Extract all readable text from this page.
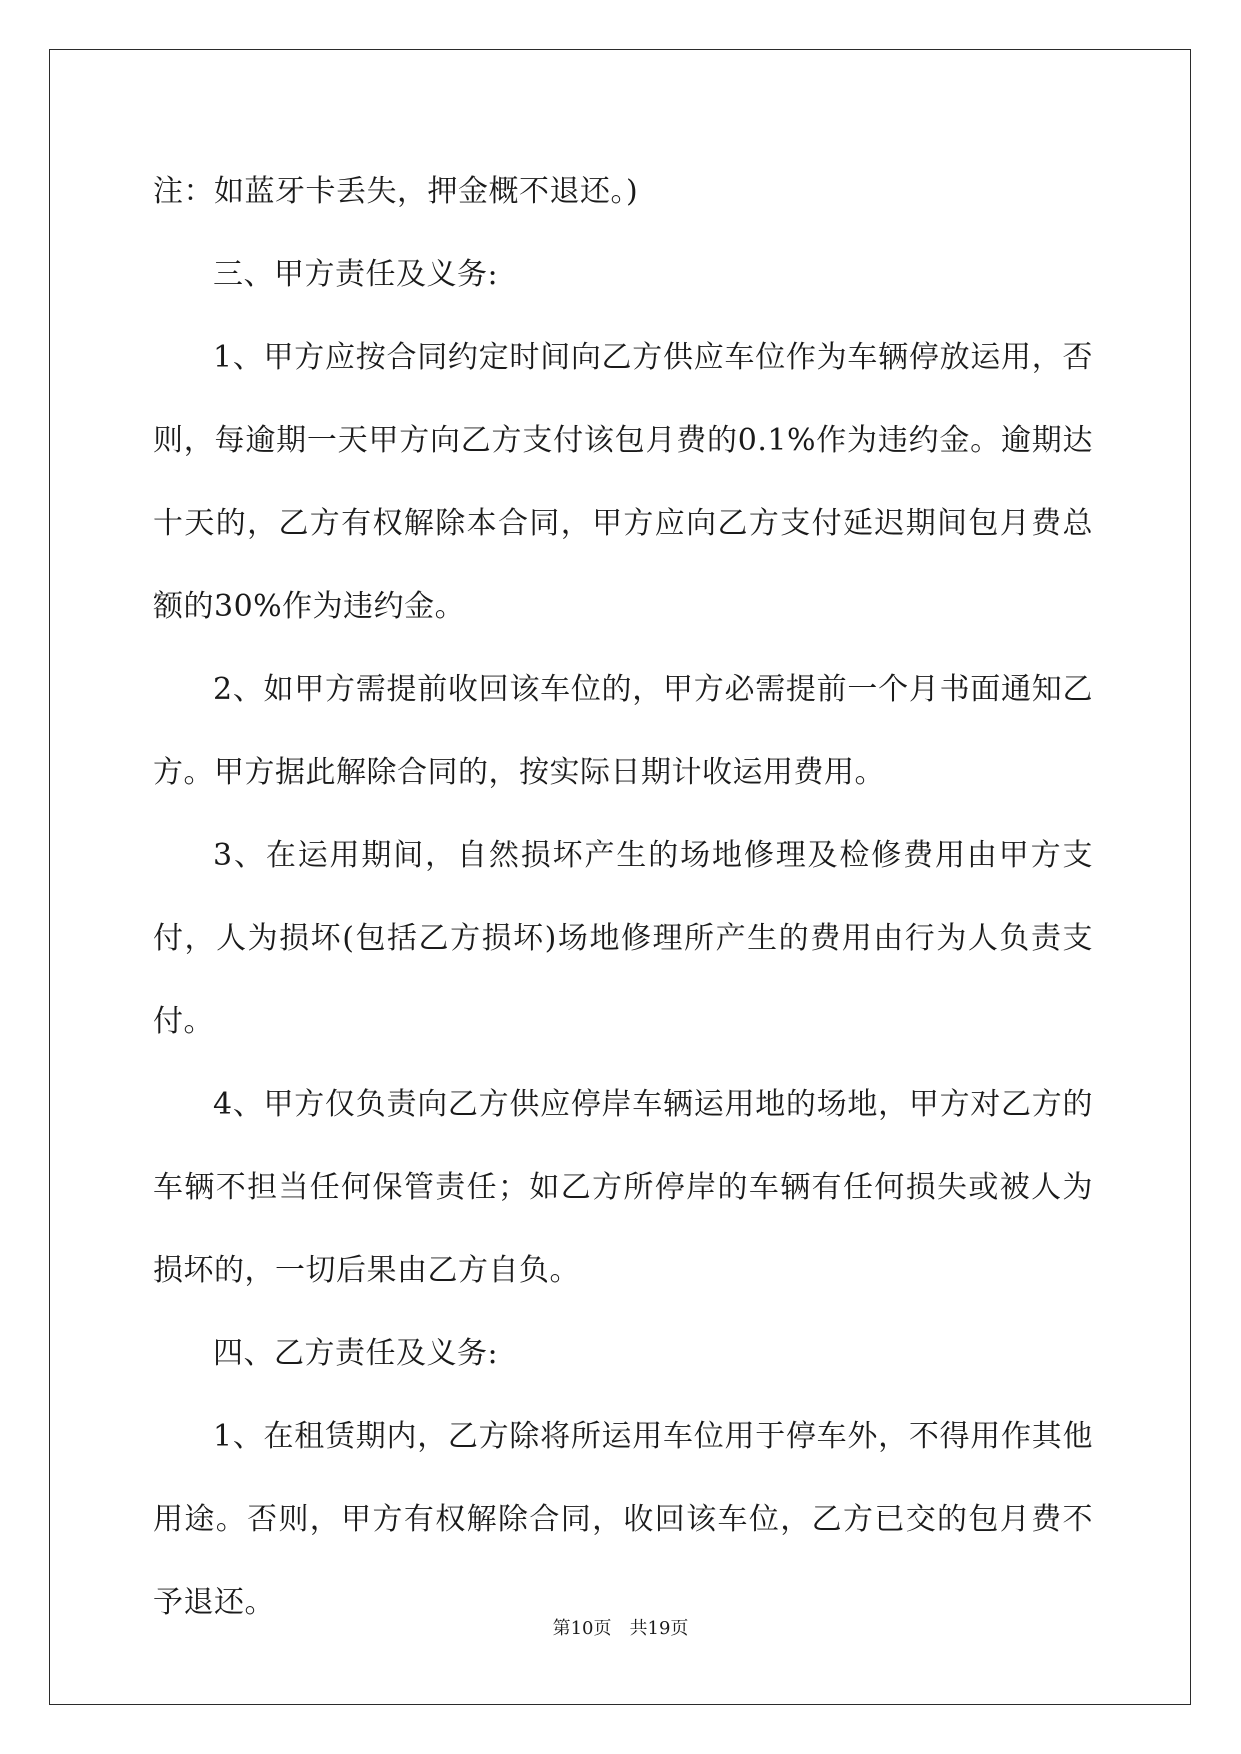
注：如蓝牙卡丢失，押金概不退还。)

三、甲方责任及义务:

1、甲方应按合同约定时间向乙方供应车位作为车辆停放运用，否则，每逾期一天甲方向乙方支付该包月费的0.1%作为违约金。逾期达十天的，乙方有权解除本合同，甲方应向乙方支付延迟期间包月费总额的30%作为违约金。

2、如甲方需提前收回该车位的，甲方必需提前一个月书面通知乙方。甲方据此解除合同的，按实际日期计收运用费用。

3、在运用期间，自然损坏产生的场地修理及检修费用由甲方支付，人为损坏(包括乙方损坏)场地修理所产生的费用由行为人负责支付。

4、甲方仅负责向乙方供应停岸车辆运用地的场地，甲方对乙方的车辆不担当任何保管责任；如乙方所停岸的车辆有任何损失或被人为损坏的，一切后果由乙方自负。

四、乙方责任及义务:

1、在租赁期内，乙方除将所运用车位用于停车外，不得用作其他用途。否则，甲方有权解除合同，收回该车位，乙方已交的包月费不予退还。

第10页 共19页
